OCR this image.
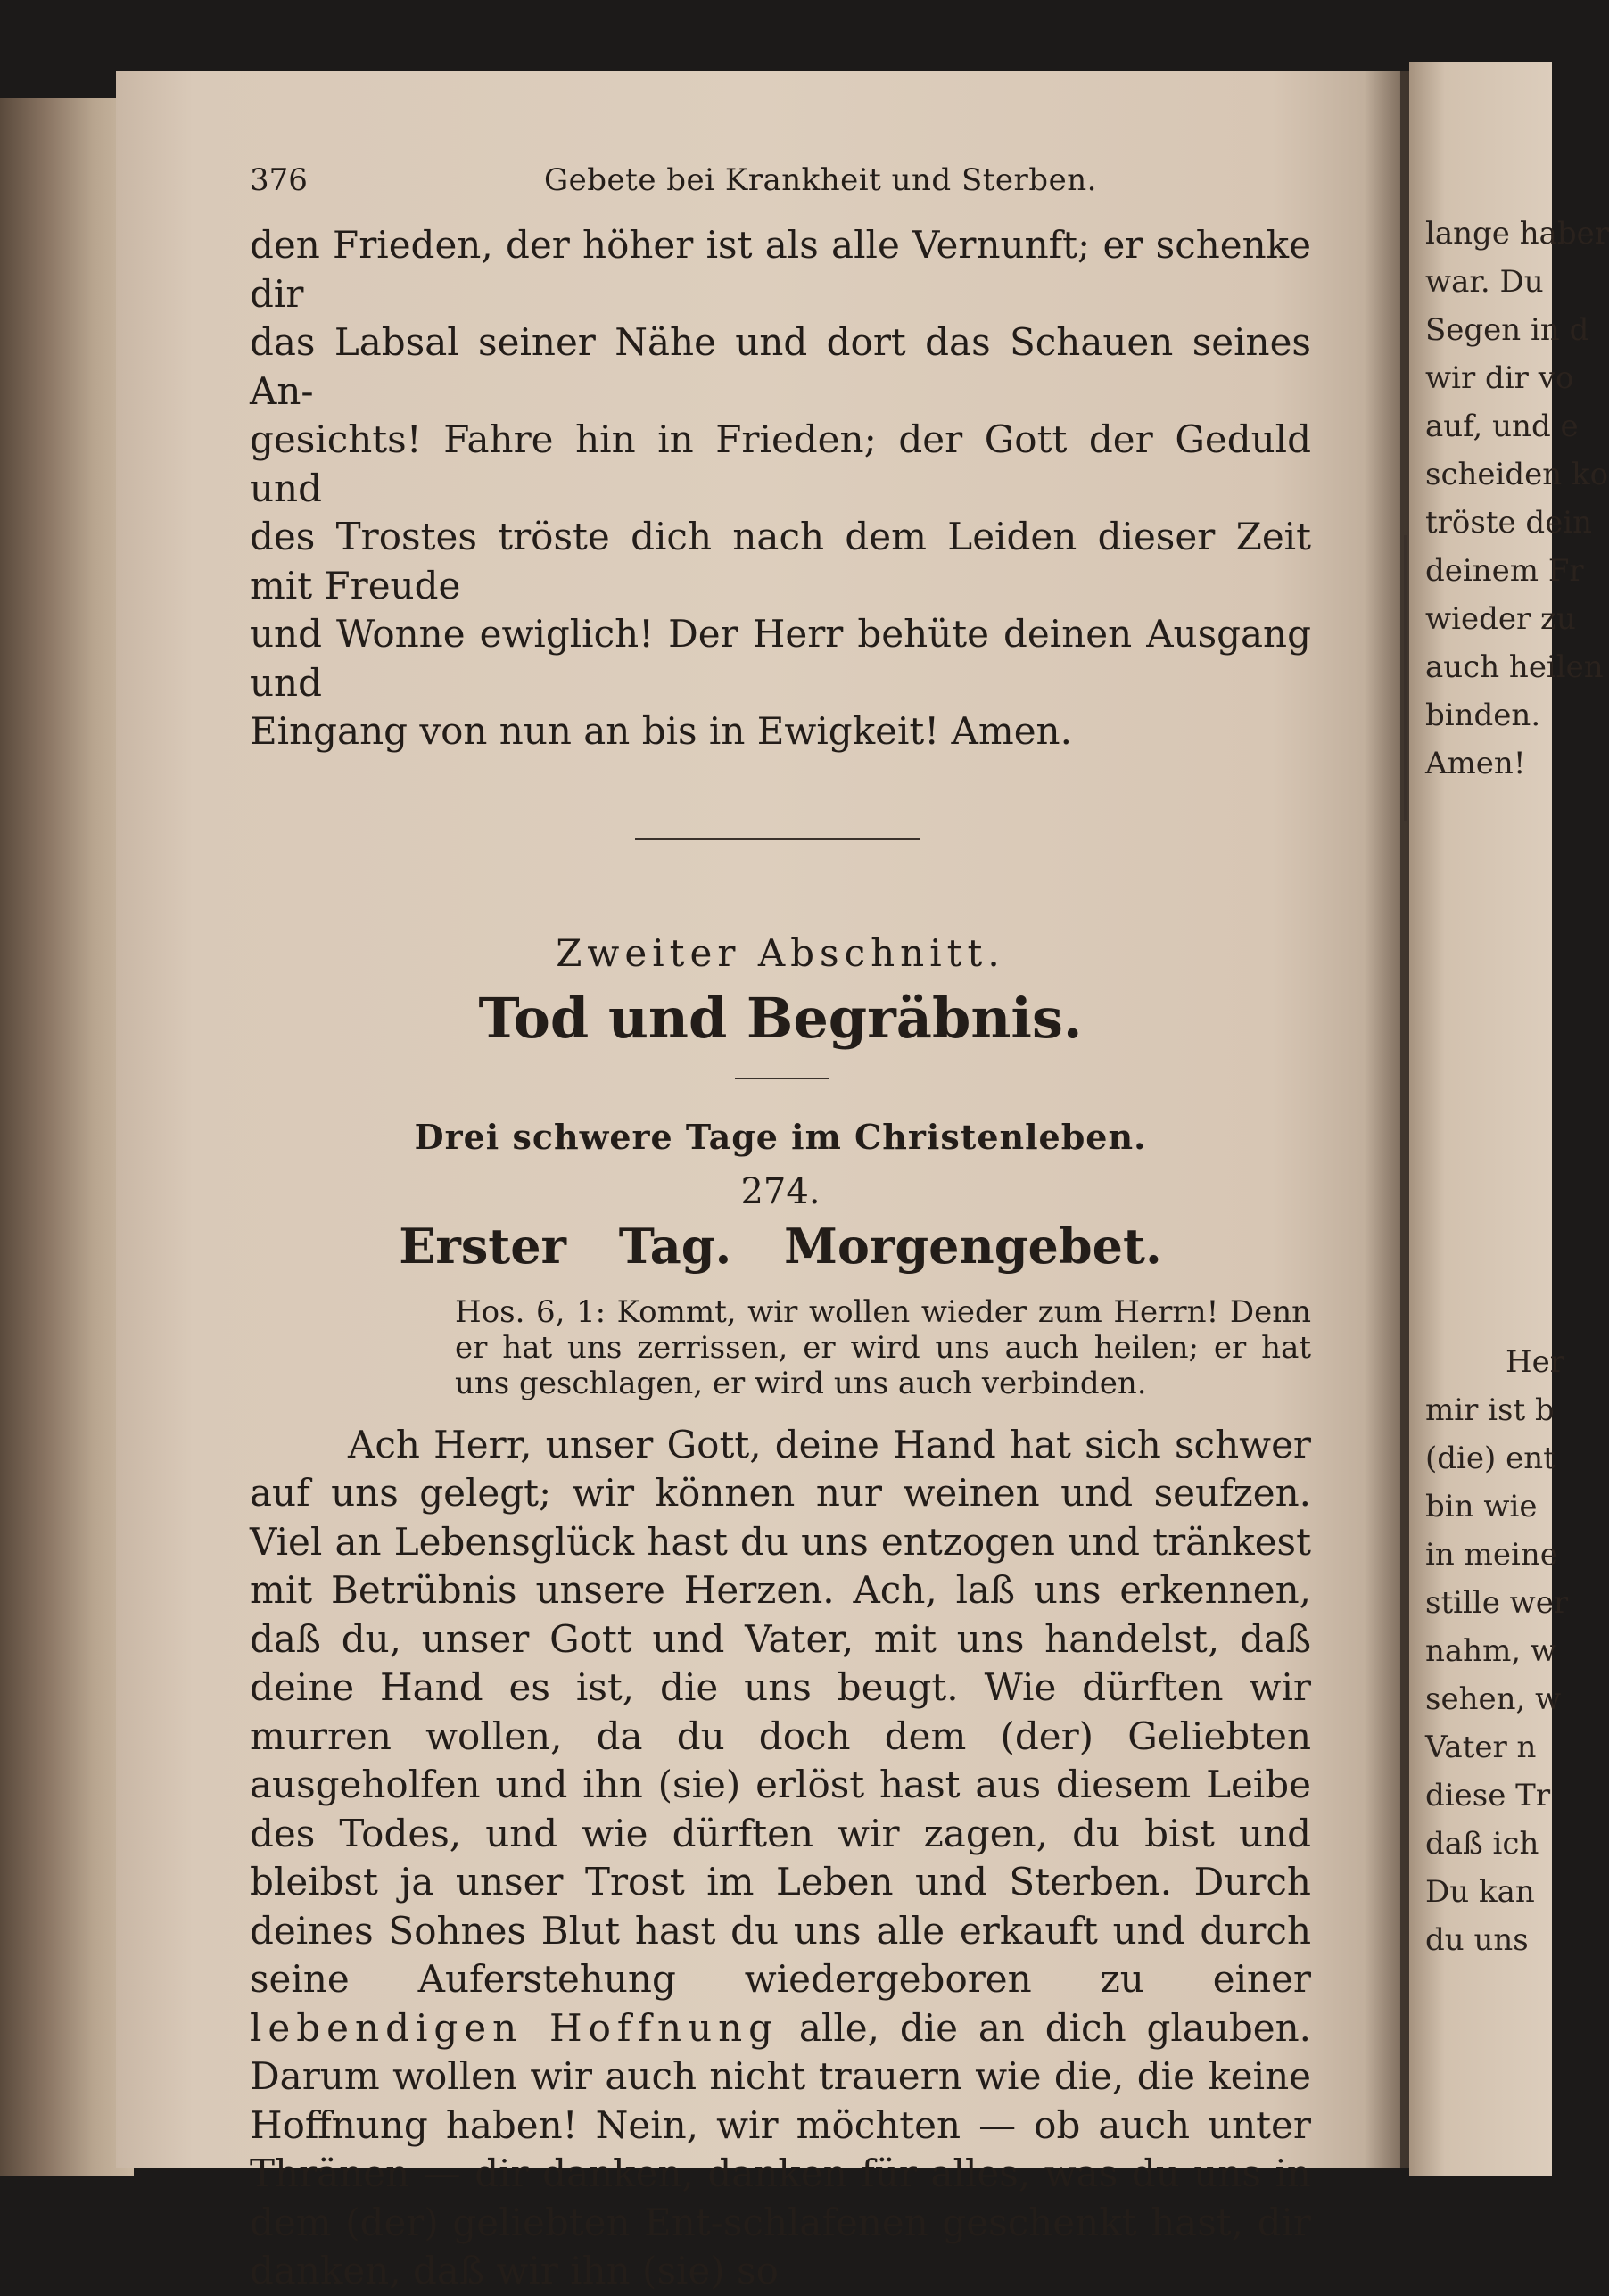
lange haber
war. Du
Segen in d
wir dir vo
auf, und e
scheiden ko
tröste dein
deinem Fr
wieder zu
auch heilen
binden.
Amen!
Her
mir ist b
(die) ent
bin wie
in meine
stille wer
nahm, w
sehen, w
Vater n
diese Tr
daß ich
Du kan
du uns
376	Gebete bei Krankheit und Sterben.
den Frieden, der höher ist als alle Vernunft; er schenke dir
das Labsal seiner Nähe und dort das Schauen seines An-
gesichts! Fahre hin in Frieden; der Gott der Geduld und
des Trostes tröste dich nach dem Leiden dieser Zeit mit Freude
und Wonne ewiglich! Der Herr behüte deinen Ausgang und
Eingang von nun an bis in Ewigkeit! Amen.
Zweiter Abschnitt.
Tod und Begräbnis.
Drei schwere Tage im Christenleben.
274.
Erster Tag. Morgengebet.

Hos. 6, 1: Kommt, wir wollen wieder zum Herrn! Denn er hat uns zerrissen, er wird uns auch heilen; er hat uns geschlagen, er wird uns auch verbinden.

Ach Herr, unser Gott, deine Hand hat sich schwer auf uns gelegt; wir können nur weinen und seufzen. Viel an Lebensglück hast du uns entzogen und tränkest mit Betrübnis unsere Herzen. Ach, laß uns erkennen, daß du, unser Gott und Vater, mit uns handelst, daß deine Hand es ist, die uns beugt. Wie dürften wir murren wollen, da du doch dem (der) Geliebten ausgeholfen und ihn (sie) erlöst hast aus diesem Leibe des Todes, und wie dürften wir zagen, du bist und bleibst ja unser Trost im Leben und Sterben. Durch deines Sohnes Blut hast du uns alle erkauft und durch seine Auferstehung wiedergeboren zu einer lebendigen Hoffnung alle, die an dich glauben. Darum wollen wir auch nicht trauern wie die, die keine Hoffnung haben! Nein, wir möchten — ob auch unter Thränen — dir danken, danken für alles, was du uns in dem (der) geliebten Ent-schlafenen geschenkt hast, dir danken, daß wir ihn (sie) so
